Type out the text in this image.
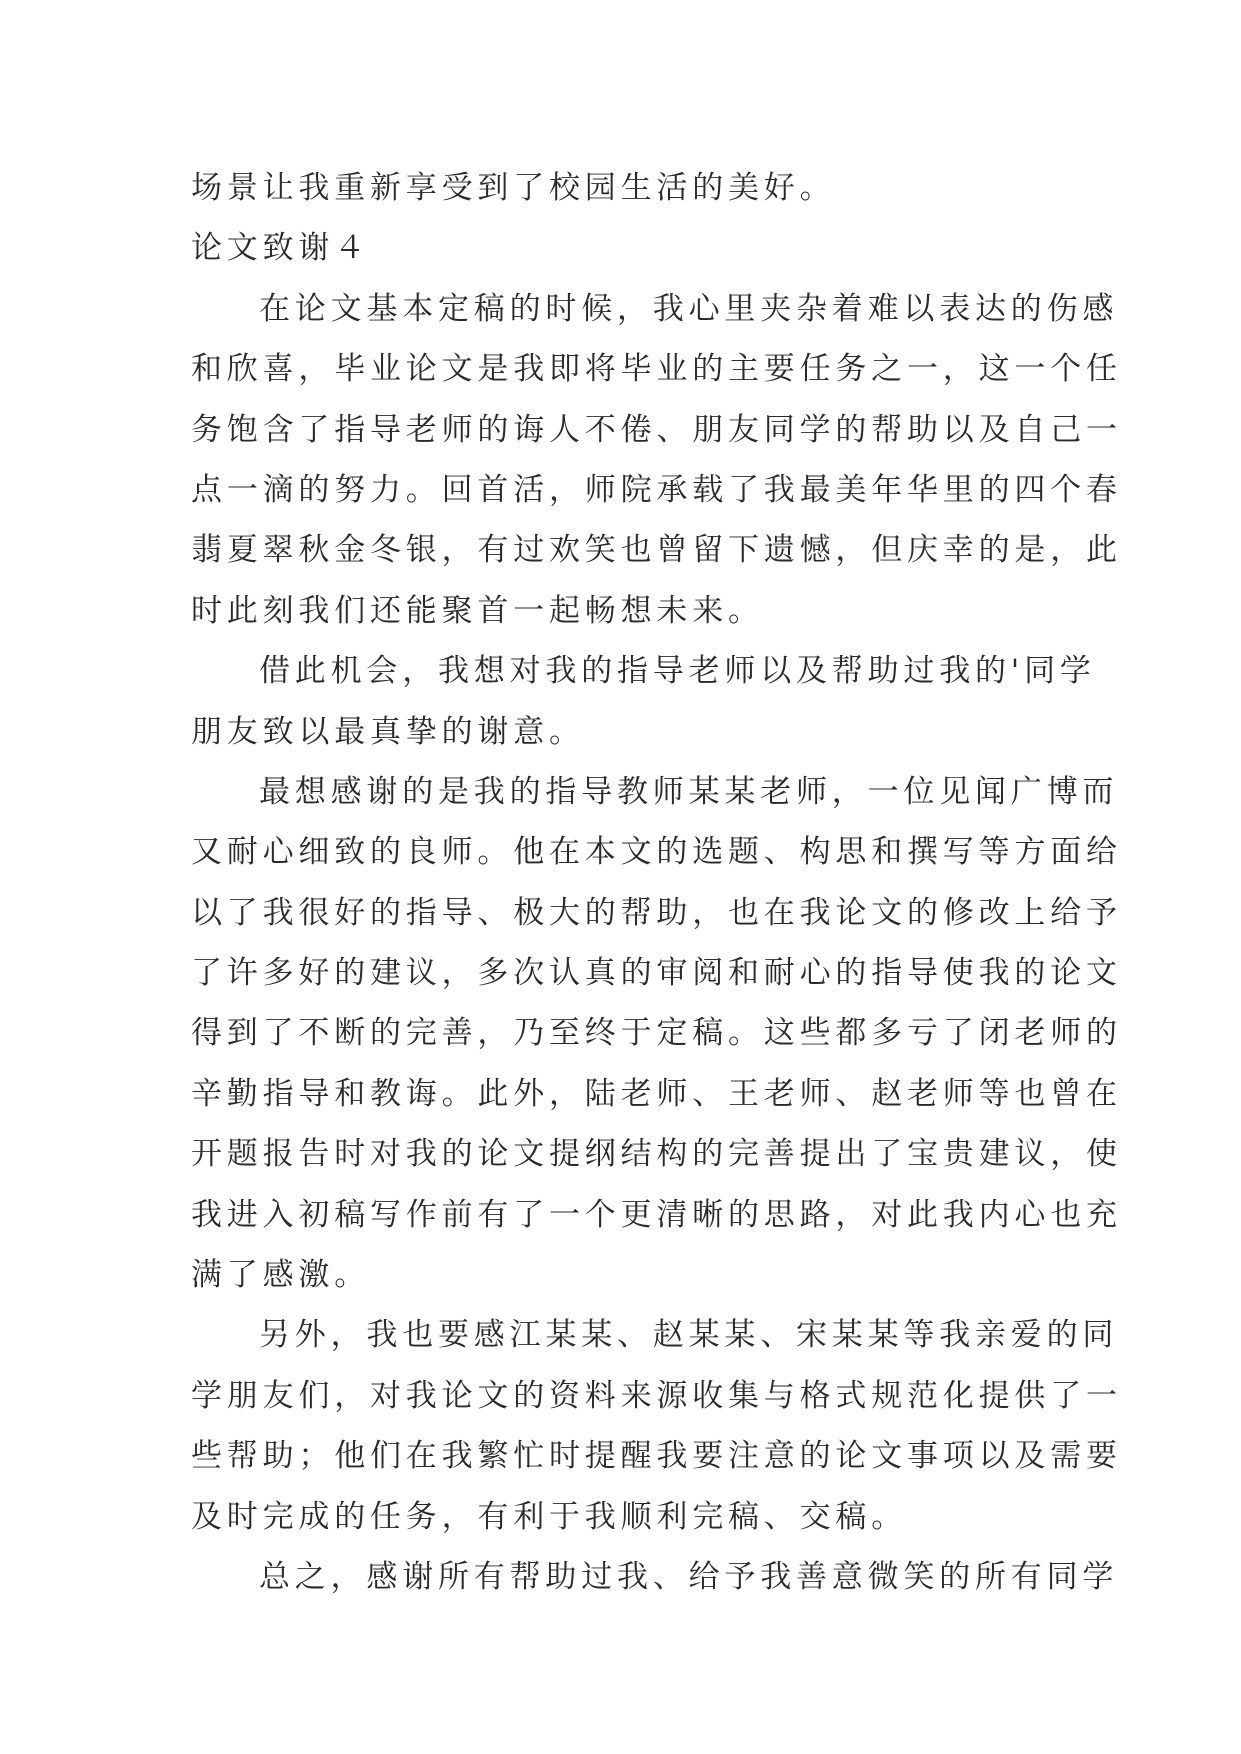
场景让我重新享受到了校园生活的美好。
论文致谢４
在论文基本定稿的时候，我心里夹杂着难以表达的伤感
和欣喜，毕业论文是我即将毕业的主要任务之一，这一个任
务饱含了指导老师的诲人不倦、朋友同学的帮助以及自己一
点一滴的努力。回首活，师院承载了我最美年华里的四个春
翡夏翠秋金冬银，有过欢笑也曾留下遗憾，但庆幸的是，此
时此刻我们还能聚首一起畅想未来。
借此机会，我想对我的指导老师以及帮助过我的'同学
朋友致以最真挚的谢意。
最想感谢的是我的指导教师某某老师，一位见闻广博而
又耐心细致的良师。他在本文的选题、构思和撰写等方面给
以了我很好的指导、极大的帮助，也在我论文的修改上给予
了许多好的建议，多次认真的审阅和耐心的指导使我的论文
得到了不断的完善，乃至终于定稿。这些都多亏了闭老师的
辛勤指导和教诲。此外，陆老师、王老师、赵老师等也曾在
开题报告时对我的论文提纲结构的完善提出了宝贵建议，使
我进入初稿写作前有了一个更清晰的思路，对此我内心也充
满了感激。
另外，我也要感江某某、赵某某、宋某某等我亲爱的同
学朋友们，对我论文的资料来源收集与格式规范化提供了一
些帮助；他们在我繁忙时提醒我要注意的论文事项以及需要
及时完成的任务，有利于我顺利完稿、交稿。
总之，感谢所有帮助过我、给予我善意微笑的所有同学
